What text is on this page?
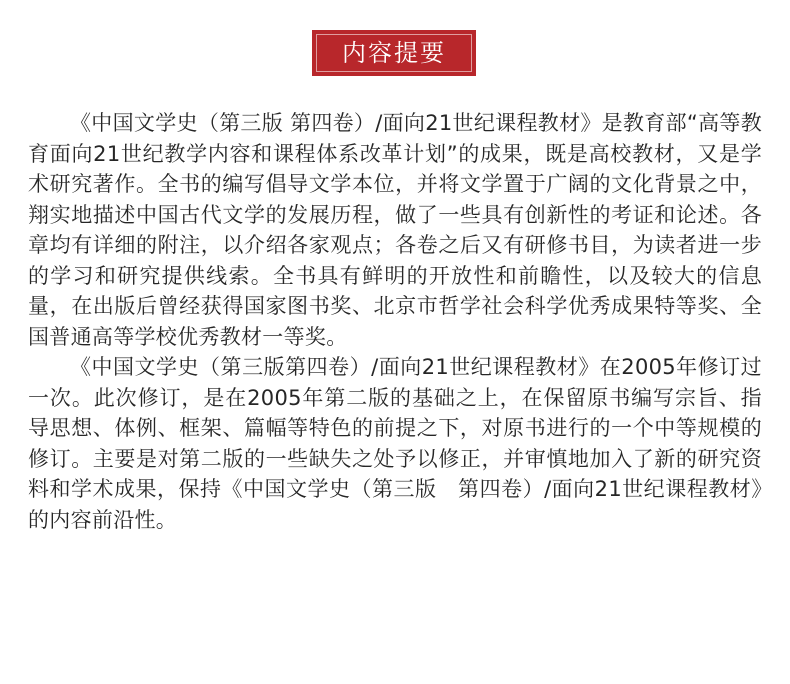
内容提要

《中国文学史（第三版 第四卷）/面向21世纪课程教材》是教育部“高等教育面向21世纪教学内容和课程体系改革计划”的成果，既是高校教材，又是学术研究著作。全书的编写倡导文学本位，并将文学置于广阔的文化背景之中，翔实地描述中国古代文学的发展历程，做了一些具有创新性的考证和论述。各章均有详细的附注，以介绍各家观点；各卷之后又有研修书目，为读者进一步的学习和研究提供线索。全书具有鲜明的开放性和前瞻性，以及较大的信息量，在出版后曾经获得国家图书奖、北京市哲学社会科学优秀成果特等奖、全国普通高等学校优秀教材一等奖。

《中国文学史（第三版第四卷）/面向21世纪课程教材》在2005年修订过一次。此次修订，是在2005年第二版的基础之上，在保留原书编写宗旨、指导思想、体例、框架、篇幅等特色的前提之下，对原书进行的一个中等规模的修订。主要是对第二版的一些缺失之处予以修正，并审慎地加入了新的研究资料和学术成果，保持《中国文学史（第三版　第四卷）/面向21世纪课程教材》的内容前沿性。
